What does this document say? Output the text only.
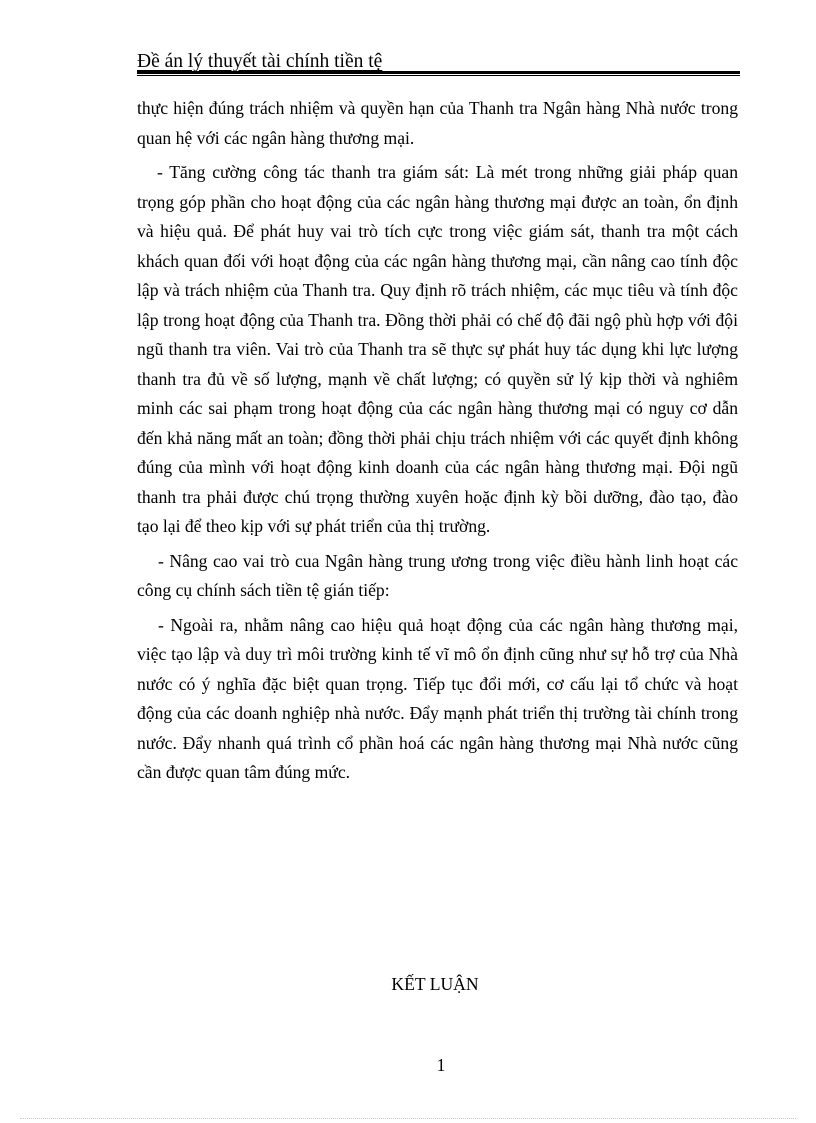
Đề án lý thuyết tài chính tiền tệ

thực hiện đúng trách nhiệm và quyền hạn của Thanh tra Ngân hàng Nhà nước trong quan hệ với các ngân hàng thương mại.

- Tăng cường công tác thanh tra giám sát: Là mét trong những giải pháp quan trọng góp phần cho hoạt động của các ngân hàng thương mại được an toàn, ổn định và hiệu quả. Để phát huy vai trò tích cực trong việc giám sát, thanh tra một cách khách quan đối với hoạt động của các ngân hàng thương mại, cần nâng cao tính độc lập và trách nhiệm của Thanh tra. Quy định rõ trách nhiệm, các mục tiêu và tính độc lập trong hoạt động của Thanh tra. Đồng thời phải có chế độ đãi ngộ phù hợp với đội ngũ thanh tra viên. Vai trò của Thanh tra sẽ thực sự phát huy tác dụng khi lực lượng thanh tra đủ về số lượng, mạnh về chất lượng; có quyền sử lý kịp thời và nghiêm minh các sai phạm trong hoạt động của các ngân hàng thương mại có nguy cơ dẫn đến khả năng mất an toàn; đồng thời phải chịu trách nhiệm với các quyết định không đúng của mình với hoạt động kinh doanh của các ngân hàng thương mại. Đội ngũ thanh tra phải được chú trọng thường xuyên hoặc định kỳ bồi dưỡng, đào tạo, đào tạo lại để theo kịp với sự phát triển của thị trường.

- Nâng cao vai trò cua Ngân hàng trung ương trong việc điều hành linh hoạt các công cụ chính sách tiền tệ gián tiếp:

- Ngoài ra, nhằm nâng cao hiệu quả hoạt động của các ngân hàng thương mại, việc tạo lập và duy trì môi trường kinh tế vĩ mô ổn định cũng như sự hỗ trợ của Nhà nước có ý nghĩa đặc biệt quan trọng. Tiếp tục đổi mới, cơ cấu lại tổ chức và hoạt động của các doanh nghiệp nhà nước. Đẩy mạnh phát triển thị trường tài chính trong nước. Đẩy nhanh quá trình cổ phần hoá các ngân hàng thương mại Nhà nước cũng cần được quan tâm đúng mức.

KẾT LUẬN
1
